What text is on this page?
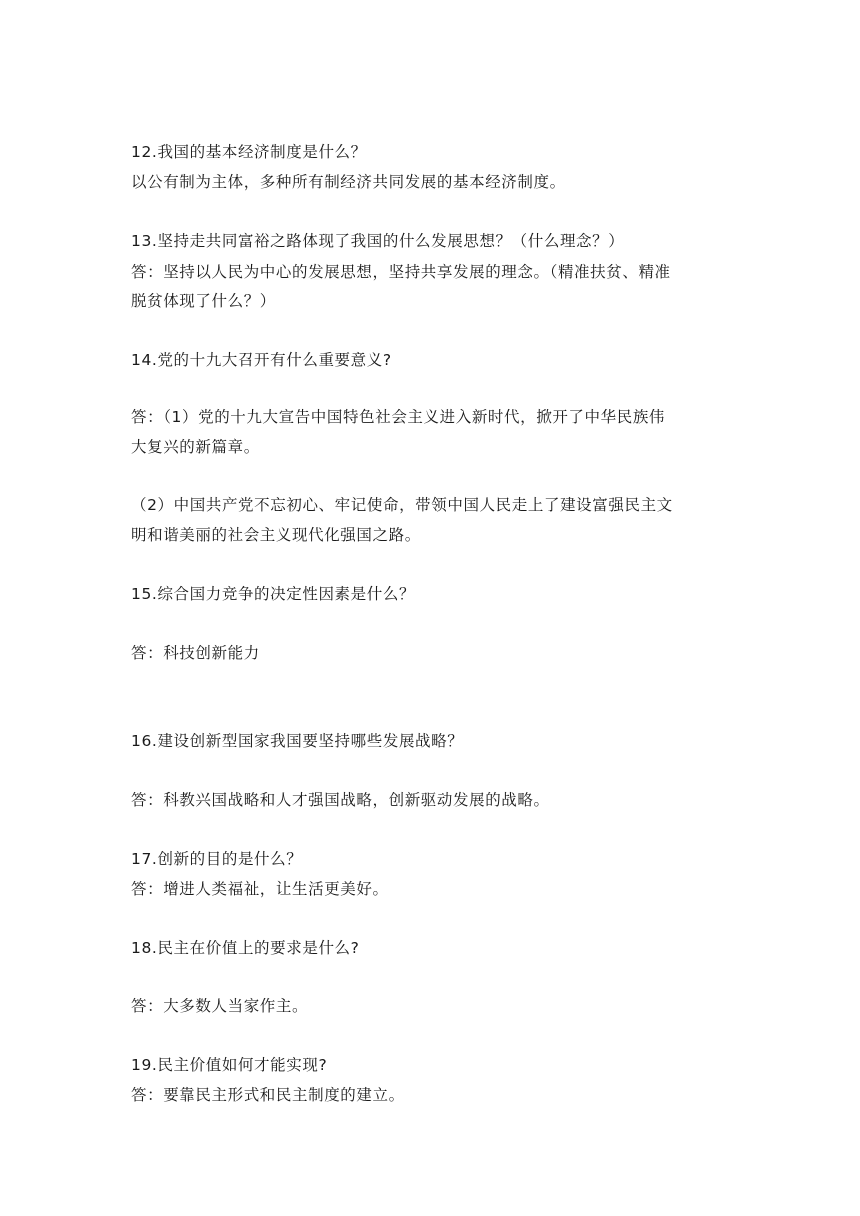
12.我国的基本经济制度是什么？
以公有制为主体，多种所有制经济共同发展的基本经济制度。
13.坚持走共同富裕之路体现了我国的什么发展思想？（什么理念？）
答：坚持以人民为中心的发展思想，坚持共享发展的理念。（精准扶贫、精准
脱贫体现了什么？）
14.党的十九大召开有什么重要意义?
答：（1）党的十九大宣告中国特色社会主义进入新时代，掀开了中华民族伟
大复兴的新篇章。
（2）中国共产党不忘初心、牢记使命，带领中国人民走上了建设富强民主文
明和谐美丽的社会主义现代化强国之路。
15.综合国力竞争的决定性因素是什么？
答：科技创新能力
16.建设创新型国家我国要坚持哪些发展战略？
答：科教兴国战略和人才强国战略，创新驱动发展的战略。
17.创新的目的是什么？
答：增进人类福祉，让生活更美好。
18.民主在价值上的要求是什么?
答：大多数人当家作主。
19.民主价值如何才能实现?
答：要靠民主形式和民主制度的建立。
